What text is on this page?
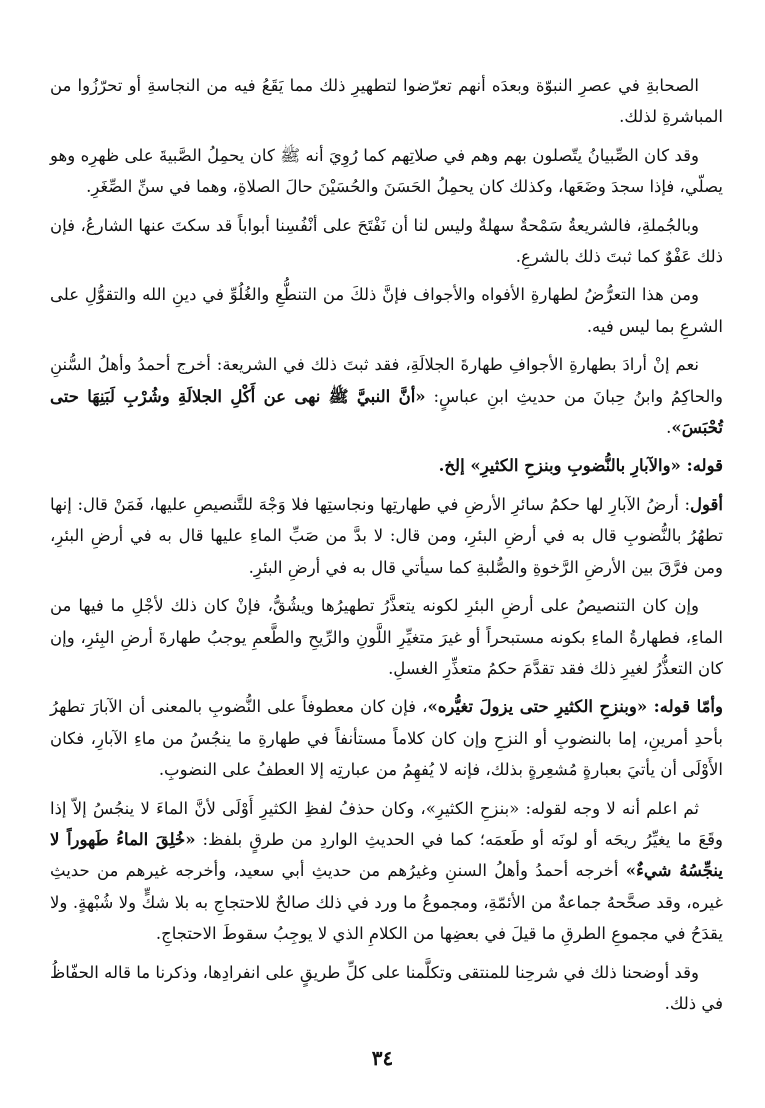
الصحابةِ في عصرِ النبوّة وبعدَه أنهم تعرّضوا لتطهيرِ ذلك مما يَقَعُ فيه من النجاسةِ أو تحرّزُوا من المباشرةِ لذلك.

وقد كان الصِّبيانُ يتّصلون بهم وهم في صلاتِهم كما رُوِيَ أنه ﷺ كان يحمِلُ الصَّبيةَ على ظهرِه وهو يصلّي، فإذا سجدَ وضَعَها، وكذلك كان يحمِلُ الحَسَنَ والحُسَيْنَ حالَ الصلاةِ، وهما في سنِّ الصِّغَرِ.

وبالجُملةِ، فالشريعةُ سَمْحةٌ سهلةٌ وليس لنا أن نَفْتَحَ على أنْفُسِنا أبواباً قد سكتَ عنها الشارعُ، فإن ذلك عَفْوٌ كما ثبتَ ذلك بالشرعِ.

ومن هذا التعرُّضُ لطهارةِ الأفواه والأجواف فإنَّ ذلكَ من التنطُّعِ والغُلُوِّ في دينِ الله والتقوُّلِ على الشرعِ بما ليس فيه.

نعم إنْ أرادَ بطهارةِ الأجوافِ طهارةَ الجلالَةِ، فقد ثبتَ ذلك في الشريعة: أخرج أحمدُ وأهلُ السُّننِ والحاكِمُ وابنُ حِبانَ من حديثِ ابنِ عباسٍ: «أنَّ النبيَّ ﷺ نهى عن أَكْلِ الجلالَةِ وشُرْبِ لَبَنِهَا حتى تُحْبَسَ».

قوله: «والآبارِ بالنُّضوبِ وبنزحِ الكثيرِ» إلخ.

أقول: أرضُ الآبارِ لها حكمُ سائرِ الأرضِ في طهارتِها ونجاستِها فلا وَجْهَ للتَّنصيصِ عليها، فَمَنْ قال: إنها تطهُرُ بالنُّضوبِ قال به في أرضِ البئرِ، ومن قال: لا بدَّ من صَبِّ الماءِ عليها قال به في أرضِ البئرِ، ومن فرَّقَ بين الأرضِ الرَّخوةِ والصُّلبةِ كما سيأتي قال به في أرضِ البئرِ.

وإن كان التنصيصُ على أرضِ البئرِ لكونه يتعذَّرُ تطهيرُها ويشُقُّ، فإنْ كان ذلك لأجْلِ ما فيها من الماءِ، فطهارةُ الماءِ بكونه مستبحراً أو غيرَ متغيِّرِ اللَّونِ والرِّيحِ والطَّعمِ يوجبُ طهارةَ أرضِ البِئرِ، وإن كان التعذُّرُ لغيرِ ذلك فقد تقدَّمَ حكمُ متعذِّرِ الغسلِ.

وأمّا قوله: «وبنزحِ الكثيرِ حتى يزولَ تغيُّره»، فإن كان معطوفاً على النُّضوبِ بالمعنى أن الآبارَ تطهرُ بأحدِ أمرينِ، إما بالنضوبِ أو النزحِ وإن كان كلاماً مستأنفاً في طهارةِ ما ينجُسُ من ماءِ الآبارِ، فكان الأَوْلَى أن يأتيَ بعبارةٍ مُشعِرةٍ بذلك، فإنه لا يُفهِمُ من عبارتِه إلا العطفُ على النضوبِ.

ثم اعلم أنه لا وجه لقوله: «بنزحِ الكثيرِ»، وكان حذفُ لفظِ الكثيرِ أَوْلَى لأنَّ الماءَ لا ينجُسُ إلاّ إذا وقَعَ ما يغيِّرُ ريحَه أو لونَه أو طَعمَه؛ كما في الحديثِ الواردِ من طرقٍ بلفظ: «خُلِقَ الماءُ طَهوراً لا ينجِّسُهُ شيءٌ» أخرجه أحمدُ وأهلُ السننِ وغيرُهم من حديثِ أبي سعيد، وأخرجه غيرهم من حديثِ غيره، وقد صحَّحهُ جماعةٌ من الأئمّةِ، ومجموعُ ما ورد في ذلك صالحٌ للاحتجاجِ به بلا شكٍّ ولا شُبْهةٍ. ولا يقدَحُ في مجموعِ الطرقِ ما قيلَ في بعضِها من الكلامِ الذي لا يوجِبُ سقوطَ الاحتجاجِ.

وقد أوضحنا ذلك في شرحِنا للمنتقى وتكلَّمنا على كلِّ طريقٍ على انفرادِها، وذكرنا ما قاله الحفّاظُ في ذلك.

٣٤
